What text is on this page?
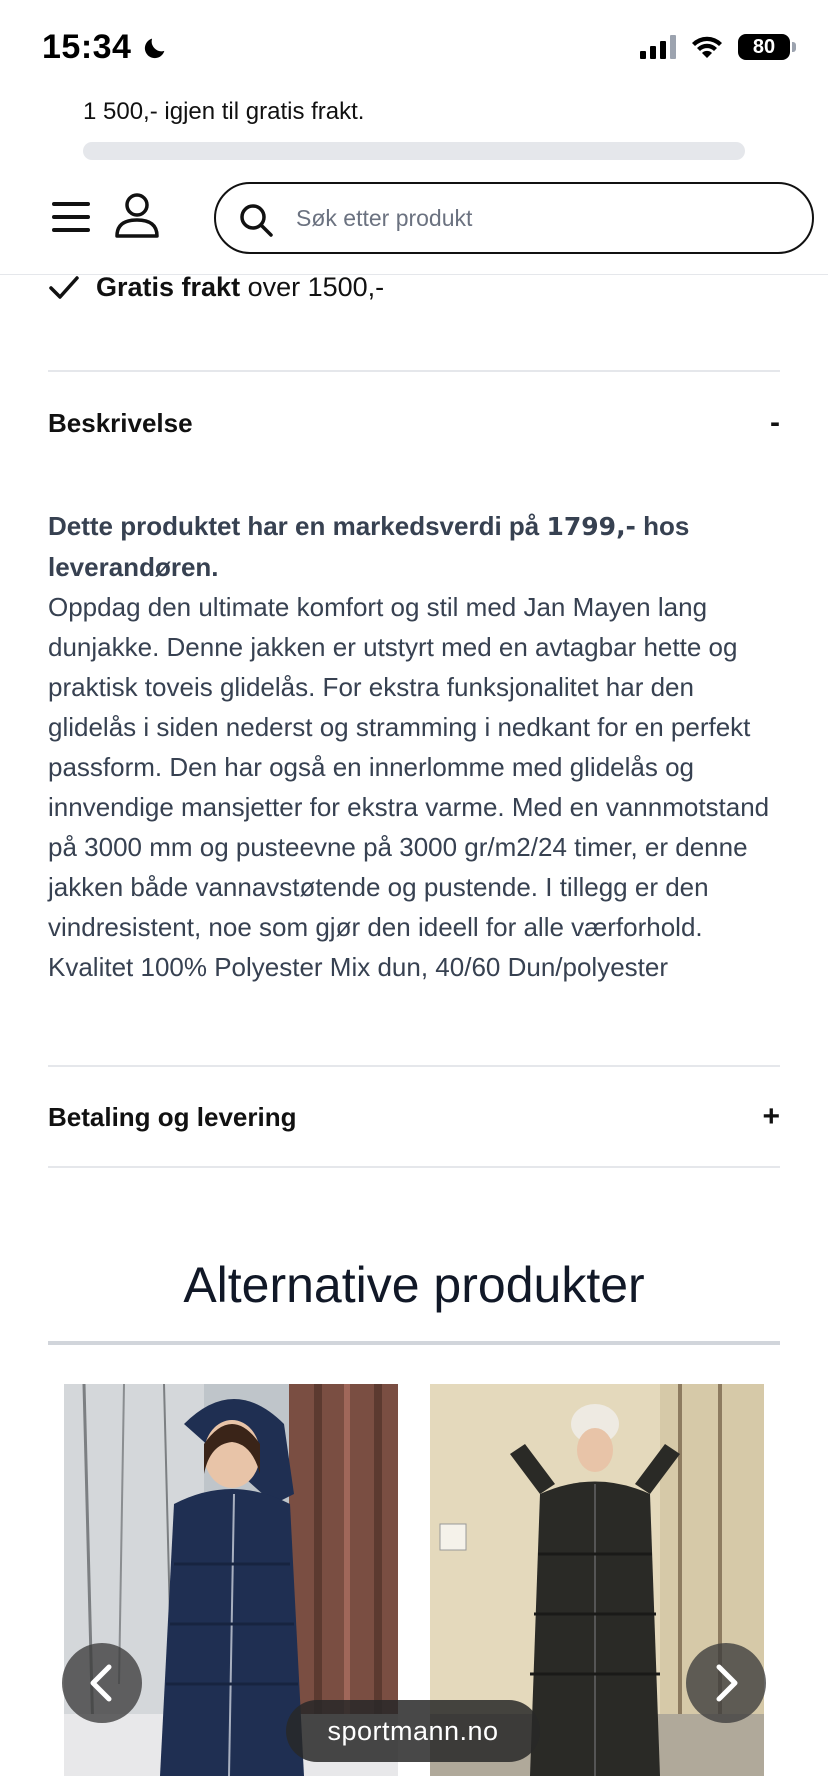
15:34	80
1 500,- igjen til gratis frakt.
Søk etter produkt
Gratis frakt over 1500,-
Beskrivelse	-
Dette produktet har en markedsverdi på 1799,- hos leverandøren.
Oppdag den ultimate komfort og stil med Jan Mayen lang dunjakke. Denne jakken er utstyrt med en avtagbar hette og praktisk toveis glidelås. For ekstra funksjonalitet har den glidelås i siden nederst og stramming i nedkant for en perfekt passform. Den har også en innerlomme med glidelås og innvendige mansjetter for ekstra varme. Med en vannmotstand på 3000 mm og pusteevne på 3000 gr/m2/24 timer, er denne jakken både vannavstøtende og pustende. I tillegg er den vindresistent, noe som gjør den ideell for alle værforhold. Kvalitet 100% Polyester Mix dun, 40/60 Dun/polyester
Betaling og levering	+
Alternative produkter
sportmann.no
